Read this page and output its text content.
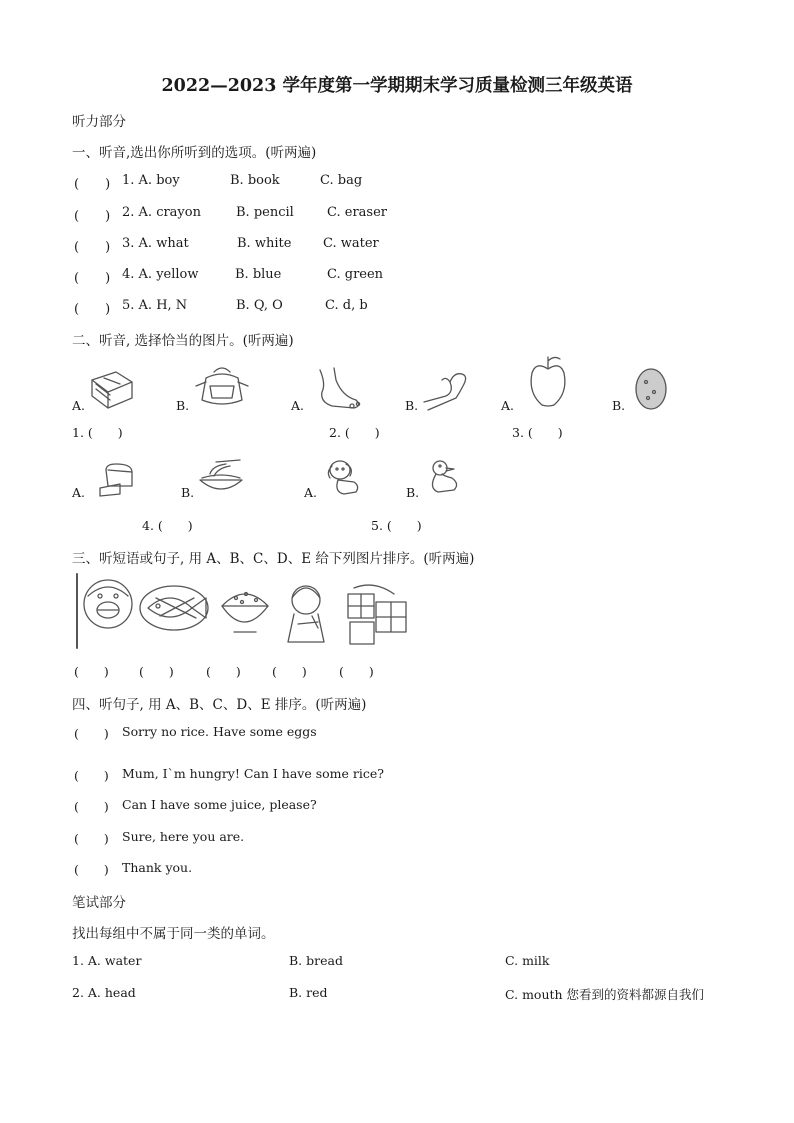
2022—2023 学年度第一学期期末学习质量检测三年级英语
听力部分
一、听音,选出你所听到的选项。(听两遍)
(　　) 1. A. boy	B. book	C. bag
(　　) 2. A. crayon	B. pencil	C. eraser
(　　) 3. A. what	B. white C. water
(　　) 4. A. yellow	B. blue	C. green
(　　) 5. A. H, N	B. Q, O	C. d, b
二、听音, 选择恰当的图片。(听两遍)
A.	B.	A.	B.	A.	B.
1. (　　)	2. (　　)	3. (　　)
A.	B.	A.	B.
4. (　　)	5. (　　)
三、听短语或句子, 用 A、B、C、D、E 给下列图片排序。(听两遍)
(　　) (　　)	(　　) (　　)	(　　)
四、听句子, 用 A、B、C、D、E 排序。(听两遍)
(　　) Sorry no rice. Have some eggs
(　　) Mum, I`m hungry! Can I have some rice?
(　　) Can I have some juice, please?
(　　) Sure, here you are.
(　　) Thank you.
笔试部分
找出每组中不属于同一类的单词。
1. A. water	B. bread	C. milk
2. A. head	B. red	C. mouth 您看到的资料都源自我们
